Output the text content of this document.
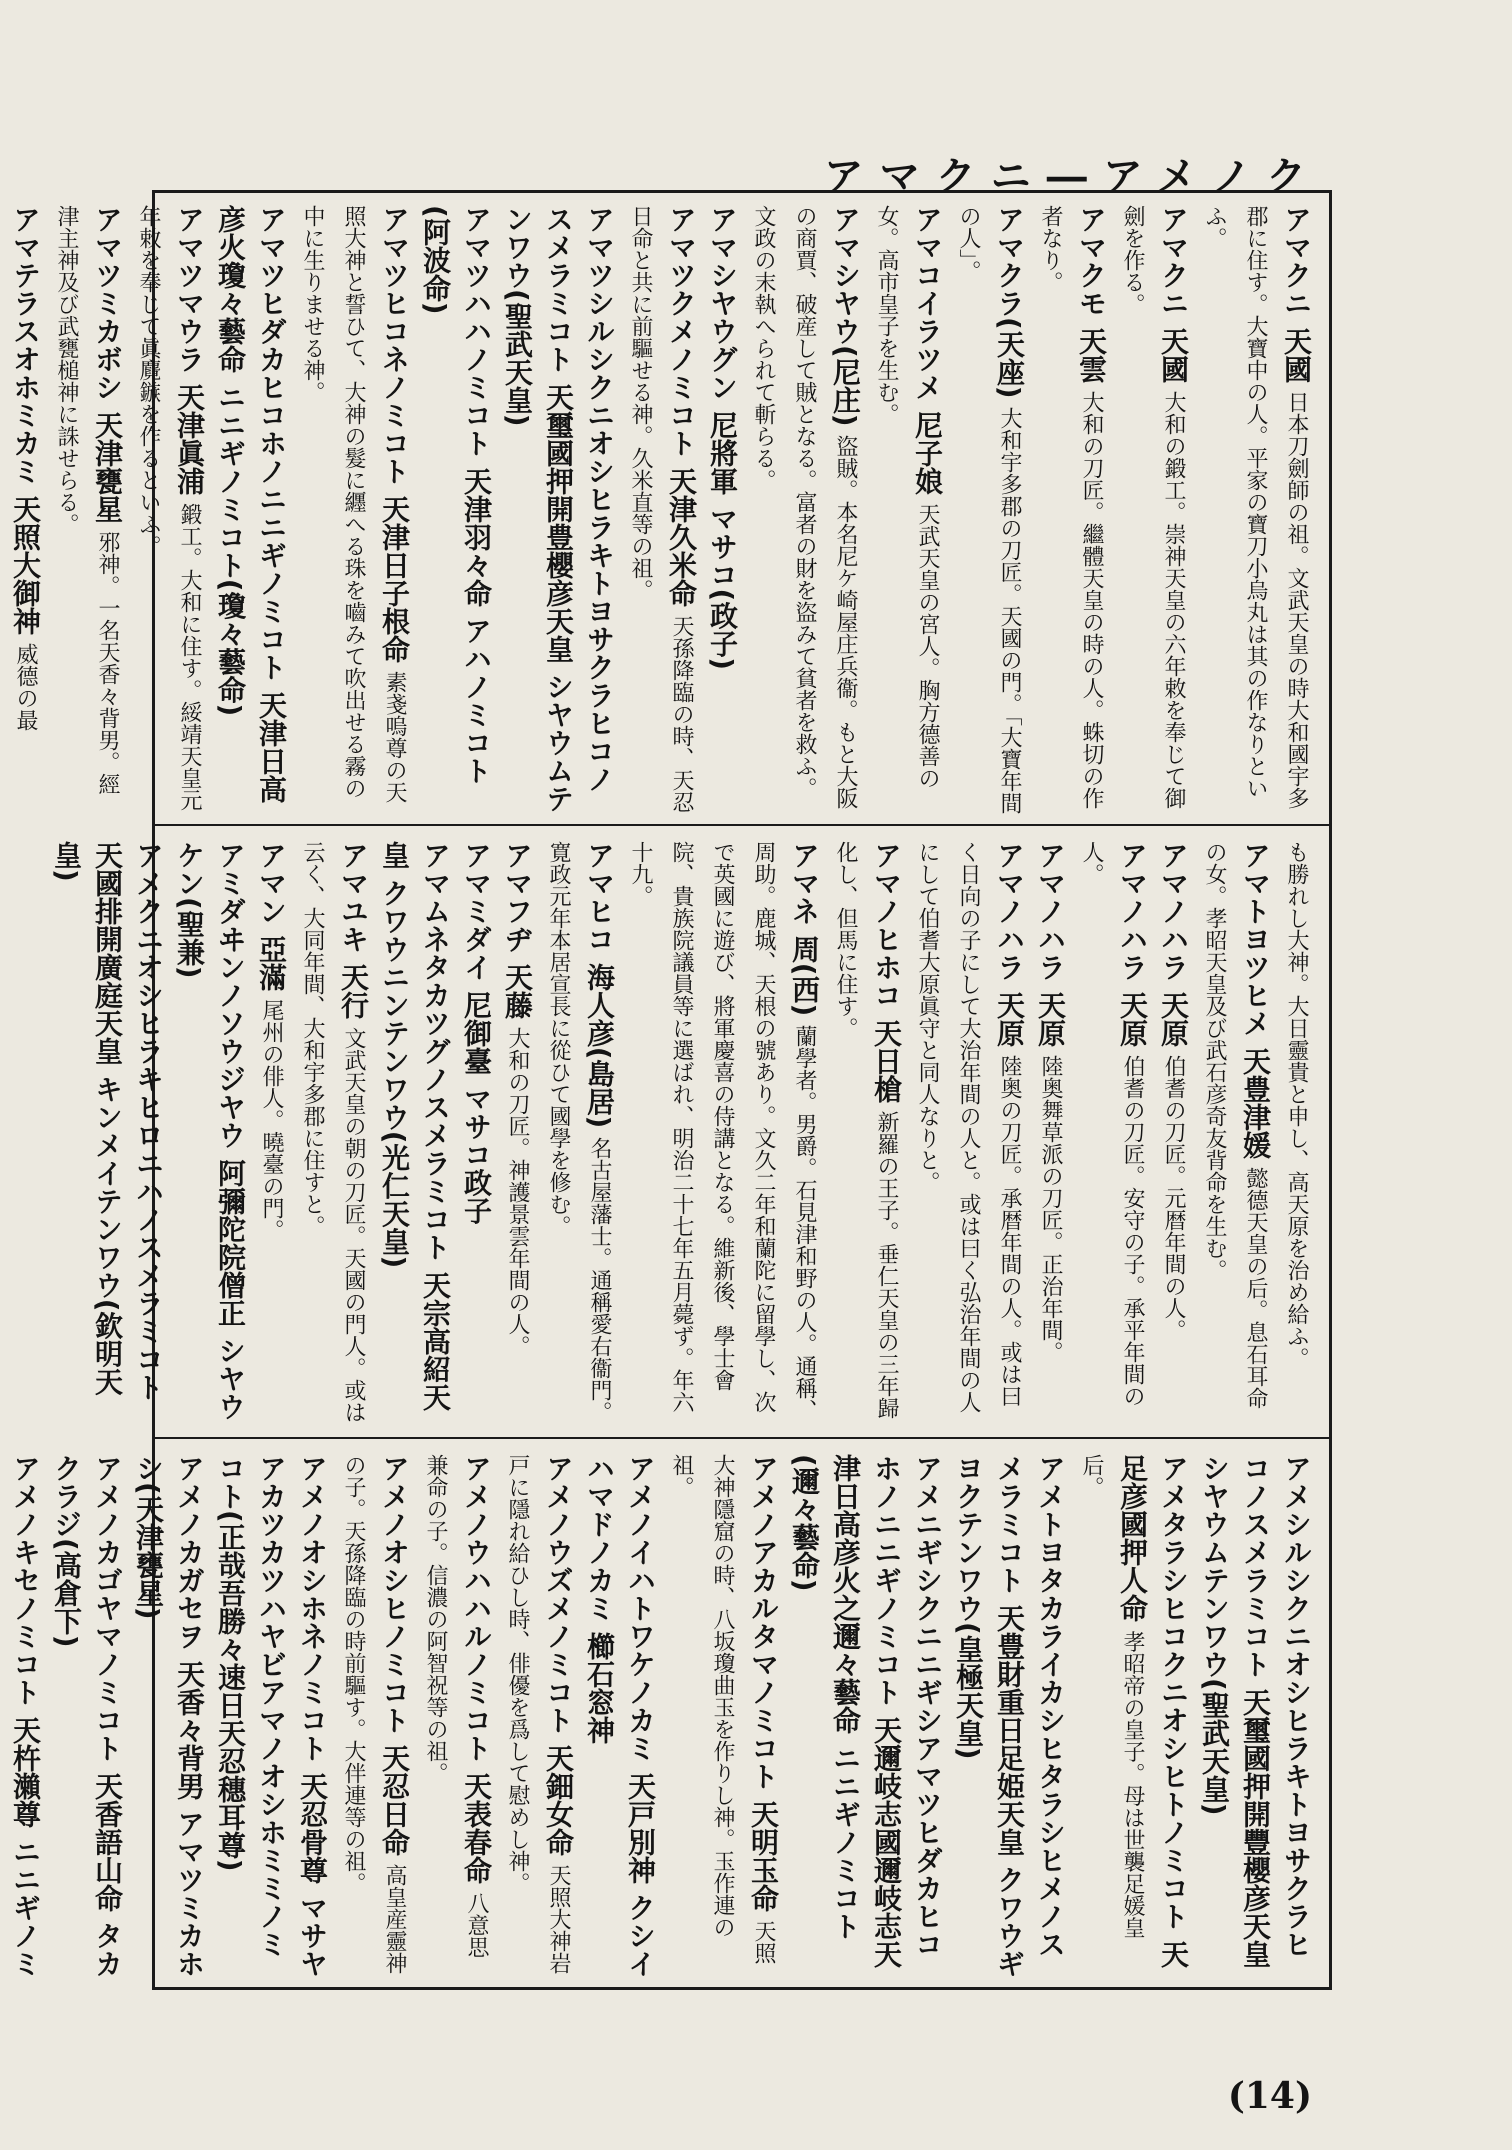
アマクニ―アメノク

アマクニ 天國 日本刀劍師の祖。文武天皇の時大和國宇多郡に住す。大寶中の人。平家の寶刀小烏丸は其の作なりといふ。

アマクニ 天國 大和の鍛工。崇神天皇の六年敕を奉じて御劍を作る。

アマクモ 天雲 大和の刀匠。繼體天皇の時の人。蛛切の作者なり。

アマクラ(天座) 大和宇多郡の刀匠。天國の門。「大寶年間の人」。

アマコイラツメ 尼子娘 天武天皇の宮人。胸方德善の女。高市皇子を生む。

アマシヤウ(尼庄) 盜賊。本名尼ケ崎屋庄兵衞。もと大阪の商賈、破産して賊となる。富者の財を盜みて貧者を救ふ。文政の末執へられて斬らる。

アマシヤウグン 尼將軍 マサコ(政子)

アマツクメノミコト 天津久米命 天孫降臨の時、天忍日命と共に前驅せる神。久米直等の祖。

アマツシルシクニオシヒラキトヨサクラヒコノスメラミコト 天璽國押開豊櫻彦天皇 シヤウムテンワウ(聖武天皇)

アマツハハノミコト 天津羽々命 アハノミコト(阿波命)

アマツヒコネノミコト 天津日子根命 素戔嗚尊の天照大神と誓ひて、大神の髮に纒へる珠を嚙みて吹出せる霧の中に生りませる神。

アマツヒダカヒコホノニニギノミコト 天津日高彦火瓊々藝命 ニニギノミコト(瓊々藝命)

アマツマウラ 天津眞浦 鍛工。大和に住す。綏靖天皇元年敕を奉じて眞麑鏃を作るといふ。

アマツミカボシ 天津甕星 邪神。一名天香々背男。經津主神及び武甕槌神に誅せらる。

アマテラスオホミカミ 天照大御神 威德の最

も勝れし大神。大日靈貴と申し、高天原を治め給ふ。

アマトヨツヒメ 天豊津媛 懿德天皇の后。息石耳命の女。孝昭天皇及び武石彦奇友背命を生む。

アマノハラ 天原 伯耆の刀匠。元暦年間の人。

アマノハラ 天原 伯耆の刀匠。安守の子。承平年間の人。

アマノハラ 天原 陸奥舞草派の刀匠。正治年間。

アマノハラ 天原 陸奥の刀匠。承暦年間の人。或は曰く日向の子にして大治年間の人と。或は曰く弘治年間の人にして伯耆大原眞守と同人なりと。

アマノヒホコ 天日槍 新羅の王子。垂仁天皇の三年歸化し、但馬に住す。

アマネ 周(西) 蘭學者。男爵。石見津和野の人。通稱、周助。鹿城、天根の號あり。文久二年和蘭陀に留學し、次で英國に遊び、將軍慶喜の侍講となる。維新後、學士會院、貴族院議員等に選ばれ、明治二十七年五月薨ず。年六十九。

アマヒコ 海人彦(島居) 名古屋藩士。通稱愛右衞門。寛政元年本居宣長に從ひて國學を修む。

アマフヂ 天藤 大和の刀匠。神護景雲年間の人。

アマミダイ 尼御臺 マサコ政子

アマムネタカツグノスメラミコト 天宗高紹天皇 クワウニンテンワウ(光仁天皇)

アマユキ 天行 文武天皇の朝の刀匠。天國の門人。或は云く、大同年間、大和宇多郡に住すと。

アマン 亞滿 尾州の俳人。曉臺の門。

アミダヰンノソウジヤウ 阿彌陀院僧正 シヤウケン(聖兼)

アメクニオシヒラキヒロニハノスメラミコト 天國排開廣庭天皇 キンメイテンワウ(欽明天皇)

アメシルシクニオシヒラキトヨサクラヒコノスメラミコト 天璽國押開豐櫻彦天皇 シヤウムテンワウ(聖武天皇)

アメタラシヒコクニオシヒトノミコト 天足彦國押人命 孝昭帝の皇子。母は世襲足媛皇后。

アメトヨタカライカシヒタラシヒメノスメラミコト 天豊財重日足姫天皇 クワウギヨクテンワウ(皇極天皇)

アメニギシクニニギシアマツヒダカヒコホノニニギノミコト 天邇岐志國邇岐志天津日高彦火之邇々藝命 ニニギノミコト(邇々藝命)

アメノアカルタマノミコト 天明玉命 天照大神隱窟の時、八坂瓊曲玉を作りし神。玉作連の祖。

アメノイハトワケノカミ 天戸別神 クシイハマドノカミ 櫛石窓神

アメノウズメノミコト 天鈿女命 天照大神岩戸に隱れ給ひし時、俳優を爲して慰めし神。

アメノウハハルノミコト 天表春命 八意思兼命の子。信濃の阿智祝等の祖。

アメノオシヒノミコト 天忍日命 高皇産靈神の子。天孫降臨の時前驅す。大伴連等の祖。

アメノオシホネノミコト 天忍骨尊 マサヤアカツカツハヤビアマノオシホミミノミコト(正哉吾勝々速日天忍穗耳尊)

アメノカガセヲ 天香々背男 アマツミカホシ(天津甕星)

アメノカゴヤマノミコト 天香語山命 タカクラジ(高倉下)

アメノキセノミコト 天杵瀨尊 ニニギノミ

(14)
